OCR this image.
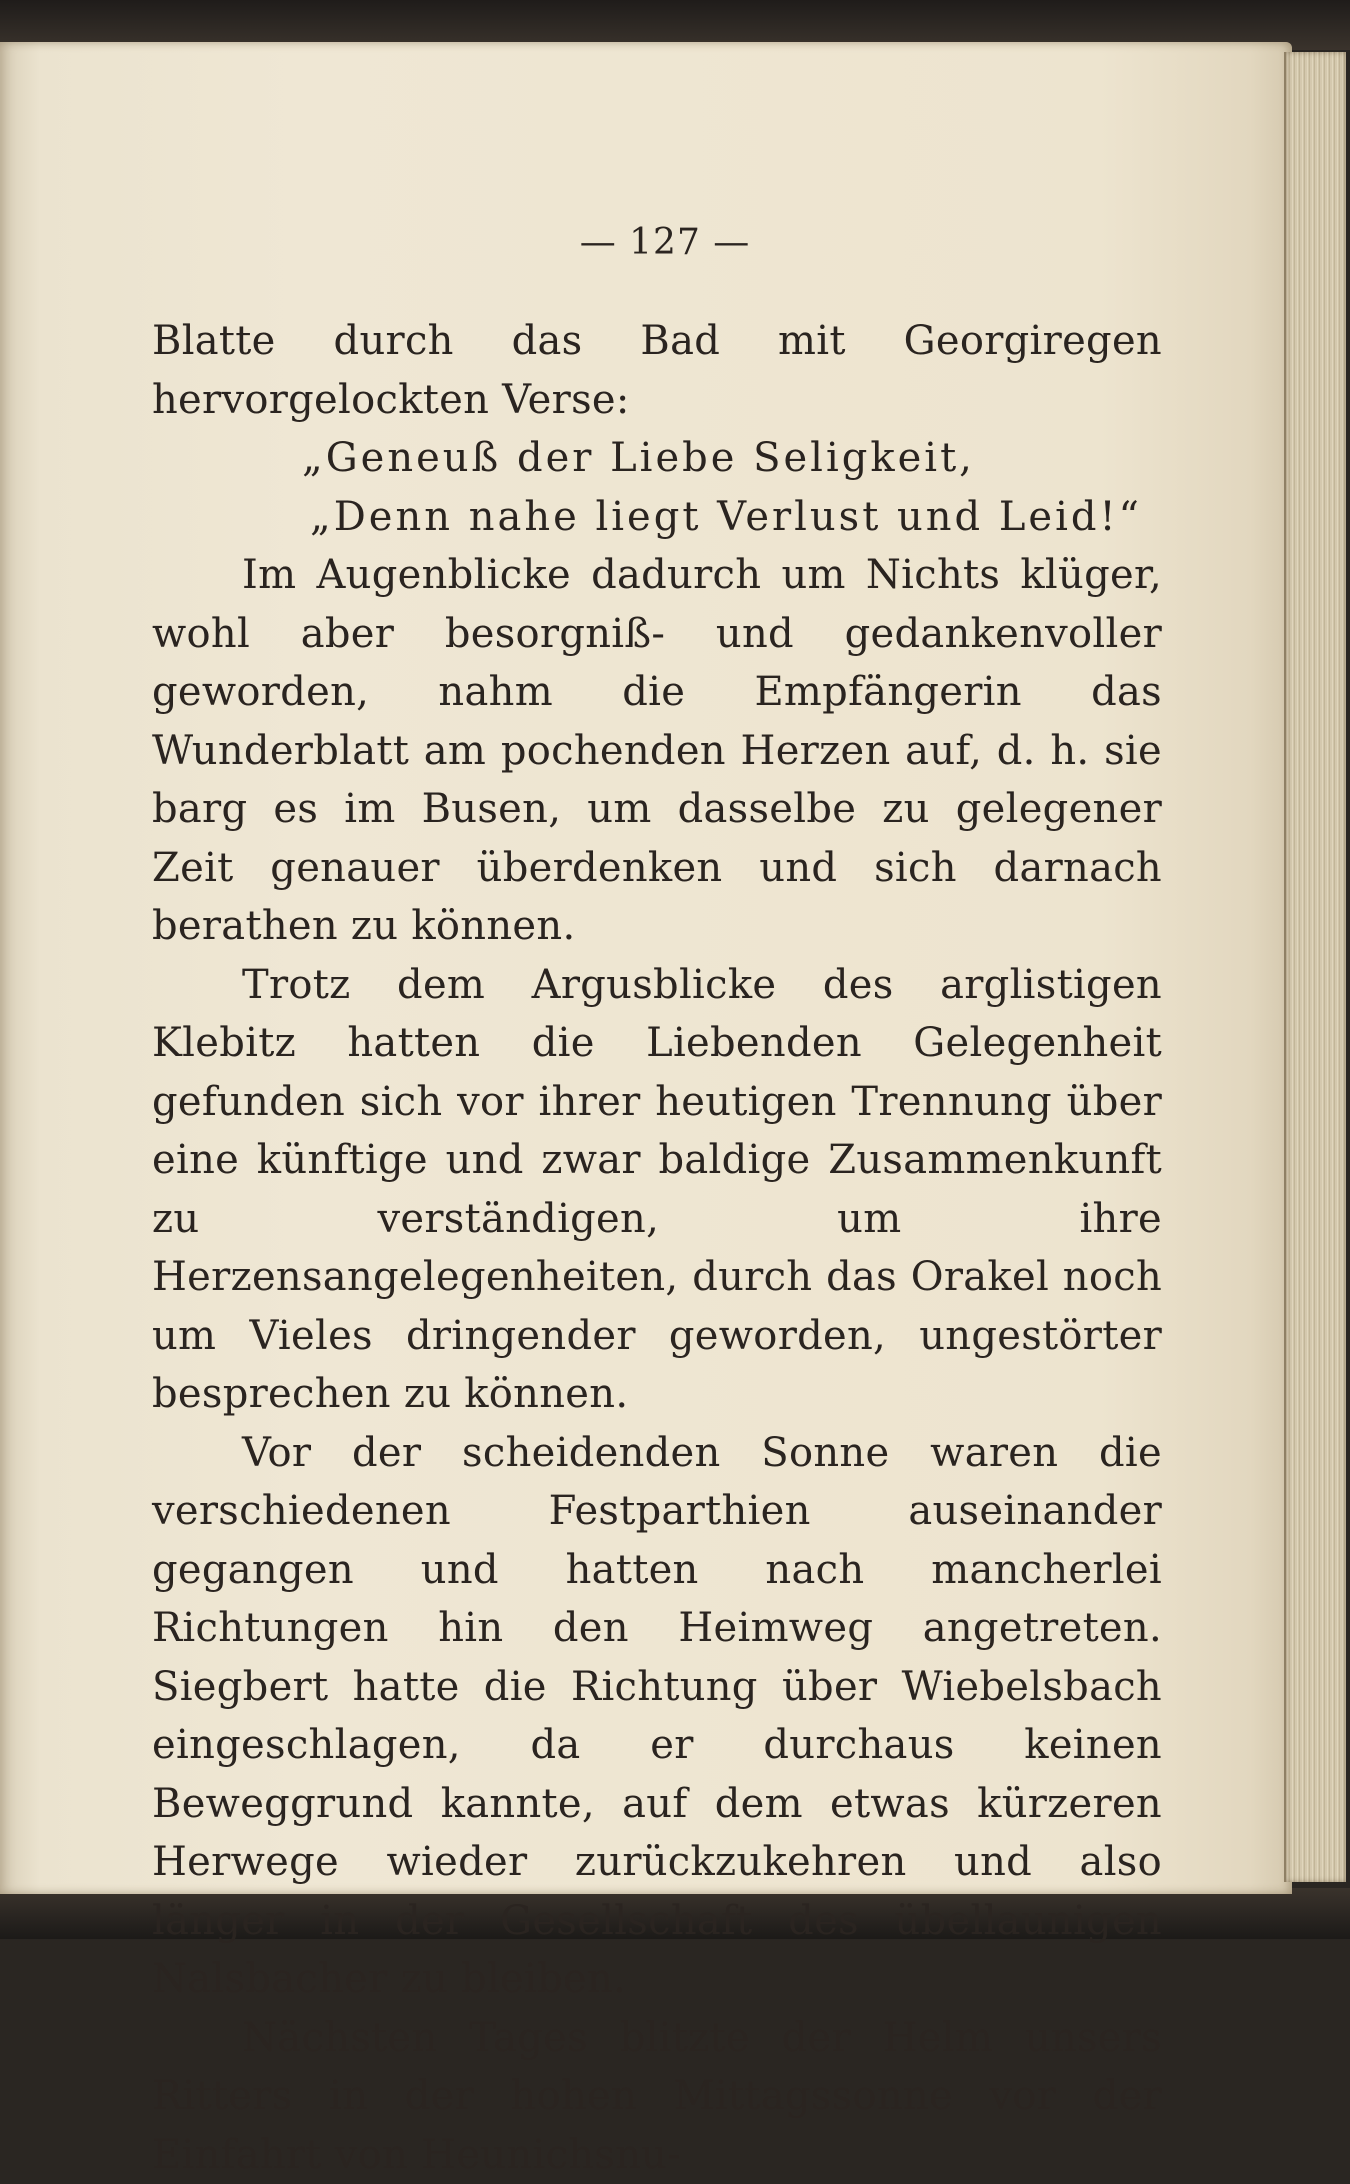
— 127 —

Blatte durch das Bad mit Georgiregen hervorgelockten Verse:

„Geneuß der Liebe Seligkeit,
„Denn nahe liegt Verlust und Leid!“

Im Augenblicke dadurch um Nichts klüger, wohl aber besorgniß- und gedankenvoller geworden, nahm die Empfängerin das Wunderblatt am pochenden Herzen auf, d. h. sie barg es im Busen, um dasselbe zu gelegener Zeit genauer überdenken und sich darnach berathen zu können.

Trotz dem Argusblicke des arglistigen Klebitz hatten die Liebenden Gelegenheit gefunden sich vor ihrer heutigen Trennung über eine künftige und zwar baldige Zusammenkunft zu verständigen, um ihre Herzensangelegenheiten, durch das Orakel noch um Vieles dringender geworden, ungestörter besprechen zu können.

Vor der scheidenden Sonne waren die verschiedenen Festparthien auseinander gegangen und hatten nach mancherlei Richtungen hin den Heimweg angetreten. Siegbert hatte die Richtung über Wiebelsbach eingeschlagen, da er durchaus keinen Beweggrund kannte, auf dem etwas kürzeren Herwege wieder zurückzukehren und also länger in der Gesellschaft des übellaunigen Nalsbacher zu bleiben.

Nächsten Tages blitzte der Helm unsers Ritters in der hohen Mittagssonne vor der Einfahrt von Heunichsnu-
